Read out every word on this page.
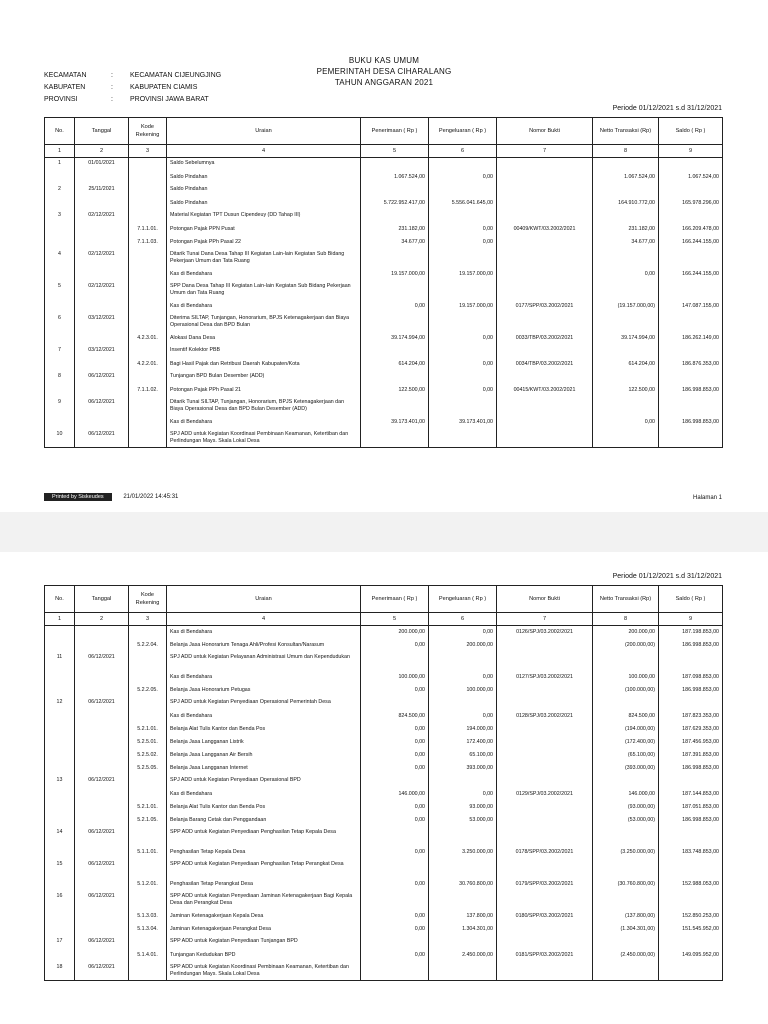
BUKU KAS UMUM
PEMERINTAH DESA CIHARALANG
TAHUN ANGGARAN 2021
KECAMATAN	: KECAMATAN CIJEUNGJING
KABUPATEN	: KABUPATEN CIAMIS
PROVINSI	: PROVINSI JAWA BARAT
Periode 01/12/2021 s.d 31/12/2021
No.	Tanggal	Kode Rekening	Uraian	Penerimaan ( Rp )	Pengeluaran ( Rp )	Nomor Bukti	Netto Transaksi (Rp)	Saldo ( Rp )
1	2	3	4	5	6	7	8	9
1	01/01/2021		Saldo Sebelumnya					
			Saldo Pindahan	1.067.524,00	0,00		1.067.524,00	1.067.524,00
2	25/11/2021		Saldo Pindahan					
			Saldo Pindahan	5.722.952.417,00	5.556.041.645,00		164.910.772,00	165.978.296,00
3	02/12/2021		Material Kegiatan TPT Dusun Cipendeuy (DD Tahap III)					
		7.1.1.01.	Potongan Pajak PPN Pusat	231.182,00	0,00	00409/KWT/03.2002/2021	231.182,00	166.209.478,00
		7.1.1.03.	Potongan Pajak PPh Pasal 22	34.677,00	0,00		34.677,00	166.244.155,00
4	02/12/2021		Ditarik Tunai Dana Desa Tahap III Kegiatan Lain-lain Kegiatan Sub Bidang Pekerjaan Umum dan Tata Ruang					
			Kas di Bendahara	19.157.000,00	19.157.000,00		0,00	166.244.155,00
5	02/12/2021		SPP Dana Desa Tahap III Kegiatan Lain-lain Kegiatan Sub Bidang Pekerjaan Umum dan Tata Ruang					
			Kas di Bendahara	0,00	19.157.000,00	0177/SPP/03.2002/2021	(19.157.000,00)	147.087.155,00
6	03/12/2021		Diterima SILTAP, Tunjangan, Honorarium, BPJS Ketenagakerjaan dan Biaya Operasional Desa dan BPD Bulan					
		4.2.3.01.	Alokasi Dana Desa	39.174.994,00	0,00	0033/TBP/03.2002/2021	39.174.994,00	186.262.149,00
7	03/12/2021		Insentif Kolektor PBB					
		4.2.2.01.	Bagi Hasil Pajak dan Retribusi Daerah Kabupaten/Kota	614.204,00	0,00	0034/TBP/03.2002/2021	614.204,00	186.876.353,00
8	06/12/2021		Tunjangan BPD Bulan Desember (ADD)					
		7.1.1.02.	Potongan Pajak PPh Pasal 21	122.500,00	0,00	00415/KWT/03.2002/2021	122.500,00	186.998.853,00
9	06/12/2021		Ditarik Tunai SILTAP, Tunjangan, Honorarium, BPJS Ketenagakerjaan dan Biaya Operasional Desa dan BPD Bulan Desember (ADD)					
			Kas di Bendahara	39.173.401,00	39.173.401,00		0,00	186.998.853,00
10	06/12/2021		SPJ ADD untuk Kegiatan Koordinasi Pembinaan Keamanan, Ketertiban dan Perlindungan Mays. Skala Lokal Desa					
Printed by Siskeudes	21/01/2022 14:45:31	Halaman 1
Periode 01/12/2021 s.d 31/12/2021
No.	Tanggal	Kode Rekening	Uraian	Penerimaan ( Rp )	Pengeluaran ( Rp )	Nomor Bukti	Netto Transaksi (Rp)	Saldo ( Rp )
1	2	3	4	5	6	7	8	9
			Kas di Bendahara	200.000,00	0,00	0126/SPJ/03.2002/2021	200.000,00	187.198.853,00
		5.2.2.04.	Belanja Jasa Honorarium Tenaga Ahli/Profesi Konsultan/Narasum	0,00	200.000,00		(200.000,00)	186.998.853,00
11	06/12/2021		SPJ ADD untuk Kegiatan Pelayanan Administrasi Umum dan Kependudukan					
			Kas di Bendahara	100.000,00	0,00	0127/SPJ/03.2002/2021	100.000,00	187.098.853,00
		5.2.2.05.	Belanja Jasa Honorarium Petugas	0,00	100.000,00		(100.000,00)	186.998.853,00
12	06/12/2021		SPJ ADD untuk Kegiatan Penyediaan Operasional Pemerintah Desa					
			Kas di Bendahara	824.500,00	0,00	0128/SPJ/03.2002/2021	824.500,00	187.823.353,00
		5.2.1.01.	Belanja Alat Tulis Kantor dan Benda Pos	0,00	194.000,00		(194.000,00)	187.629.353,00
		5.2.5.01.	Belanja Jasa Langganan Listrik	0,00	172.400,00		(172.400,00)	187.456.953,00
		5.2.5.02.	Belanja Jasa Langganan Air Bersih	0,00	65.100,00		(65.100,00)	187.391.853,00
		5.2.5.05.	Belanja Jasa Langganan Internet	0,00	393.000,00		(393.000,00)	186.998.853,00
13	06/12/2021		SPJ ADD untuk Kegiatan Penyediaan Operasional BPD					
			Kas di Bendahara	146.000,00	0,00	0129/SPJ/03.2002/2021	146.000,00	187.144.853,00
		5.2.1.01.	Belanja Alat Tulis Kantor dan Benda Pos	0,00	93.000,00		(93.000,00)	187.051.853,00
		5.2.1.05.	Belanja Barang Cetak dan Penggandaan	0,00	53.000,00		(53.000,00)	186.998.853,00
14	06/12/2021		SPP ADD untuk Kegiatan Penyediaan Penghasilan Tetap Kepala Desa					
		5.1.1.01.	Penghasilan Tetap Kepala Desa	0,00	3.250.000,00	0178/SPP/03.2002/2021	(3.250.000,00)	183.748.853,00
15	06/12/2021		SPP ADD untuk Kegiatan Penyediaan Penghasilan Tetap Perangkat Desa					
		5.1.2.01.	Penghasilan Tetap Perangkat Desa	0,00	30.760.800,00	0179/SPP/03.2002/2021	(30.760.800,00)	152.988.053,00
16	06/12/2021		SPP ADD untuk Kegiatan Penyediaan Jaminan Ketenagakerjaan Bagi Kepala Desa dan Perangkat Desa					
		5.1.3.03.	Jaminan Ketenagakerjaan Kepala Desa	0,00	137.800,00	0180/SPP/03.2002/2021	(137.800,00)	152.850.253,00
		5.1.3.04.	Jaminan Ketenagakerjaan Perangkat Desa	0,00	1.304.301,00		(1.304.301,00)	151.545.952,00
17	06/12/2021		SPP ADD untuk Kegiatan Penyediaan Tunjangan BPD					
		5.1.4.01.	Tunjangan Kedudukan BPD	0,00	2.450.000,00	0181/SPP/03.2002/2021	(2.450.000,00)	149.095.952,00
18	06/12/2021		SPP ADD untuk Kegiatan Koordinasi Pembinaan Keamanan, Ketertiban dan Perlindungan Mays. Skala Lokal Desa					
